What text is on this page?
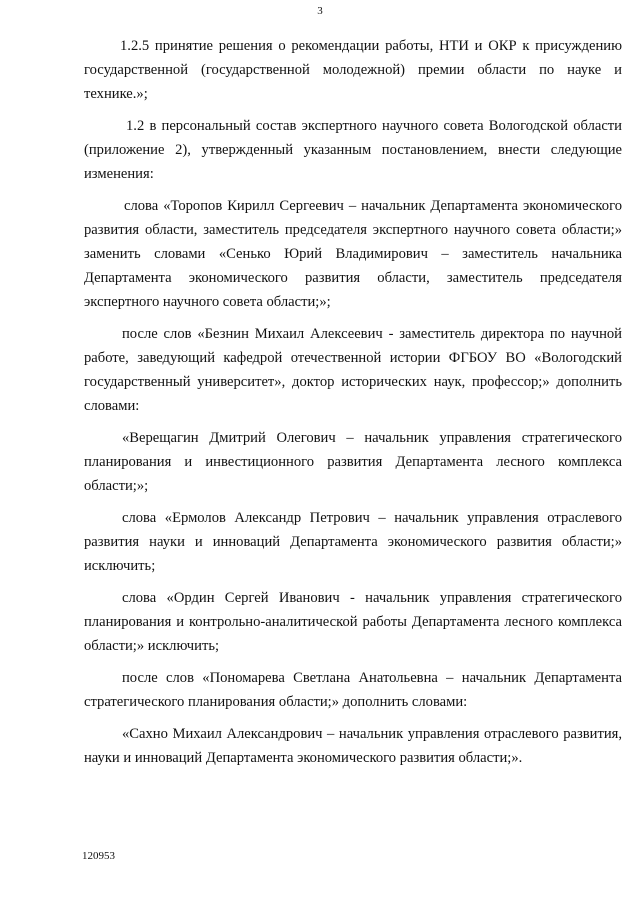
3

1.2.5 принятие решения о рекомендации работы, НТИ и ОКР к присуждению государственной (государственной молодежной) премии области по науке и технике.»;

1.2 в персональный состав экспертного научного совета Вологодской области (приложение 2), утвержденный указанным постановлением, внести следующие изменения:

слова «Торопов Кирилл Сергеевич – начальник Департамента экономического развития области, заместитель председателя экспертного научного совета области;» заменить словами «Сенько Юрий Владимирович – заместитель начальника Департамента экономического развития области, заместитель председателя экспертного научного совета области;»;

после слов «Безнин Михаил Алексеевич - заместитель директора по научной работе, заведующий кафедрой отечественной истории ФГБОУ ВО «Вологодский государственный университет», доктор исторических наук, профессор;» дополнить словами:

«Верещагин Дмитрий Олегович – начальник управления стратегического планирования и инвестиционного развития Департамента лесного комплекса области;»;

слова «Ермолов Александр Петрович – начальник управления отраслевого развития науки и инноваций Департамента экономического развития области;» исключить;

слова «Ордин Сергей Иванович - начальник управления стратегического планирования и контрольно-аналитической работы Департамента лесного комплекса области;» исключить;

после слов «Пономарева Светлана Анатольевна – начальник Департамента стратегического планирования области;» дополнить словами:

«Сахно Михаил Александрович – начальник управления отраслевого развития, науки и инноваций Департамента экономического развития области;».

120953
